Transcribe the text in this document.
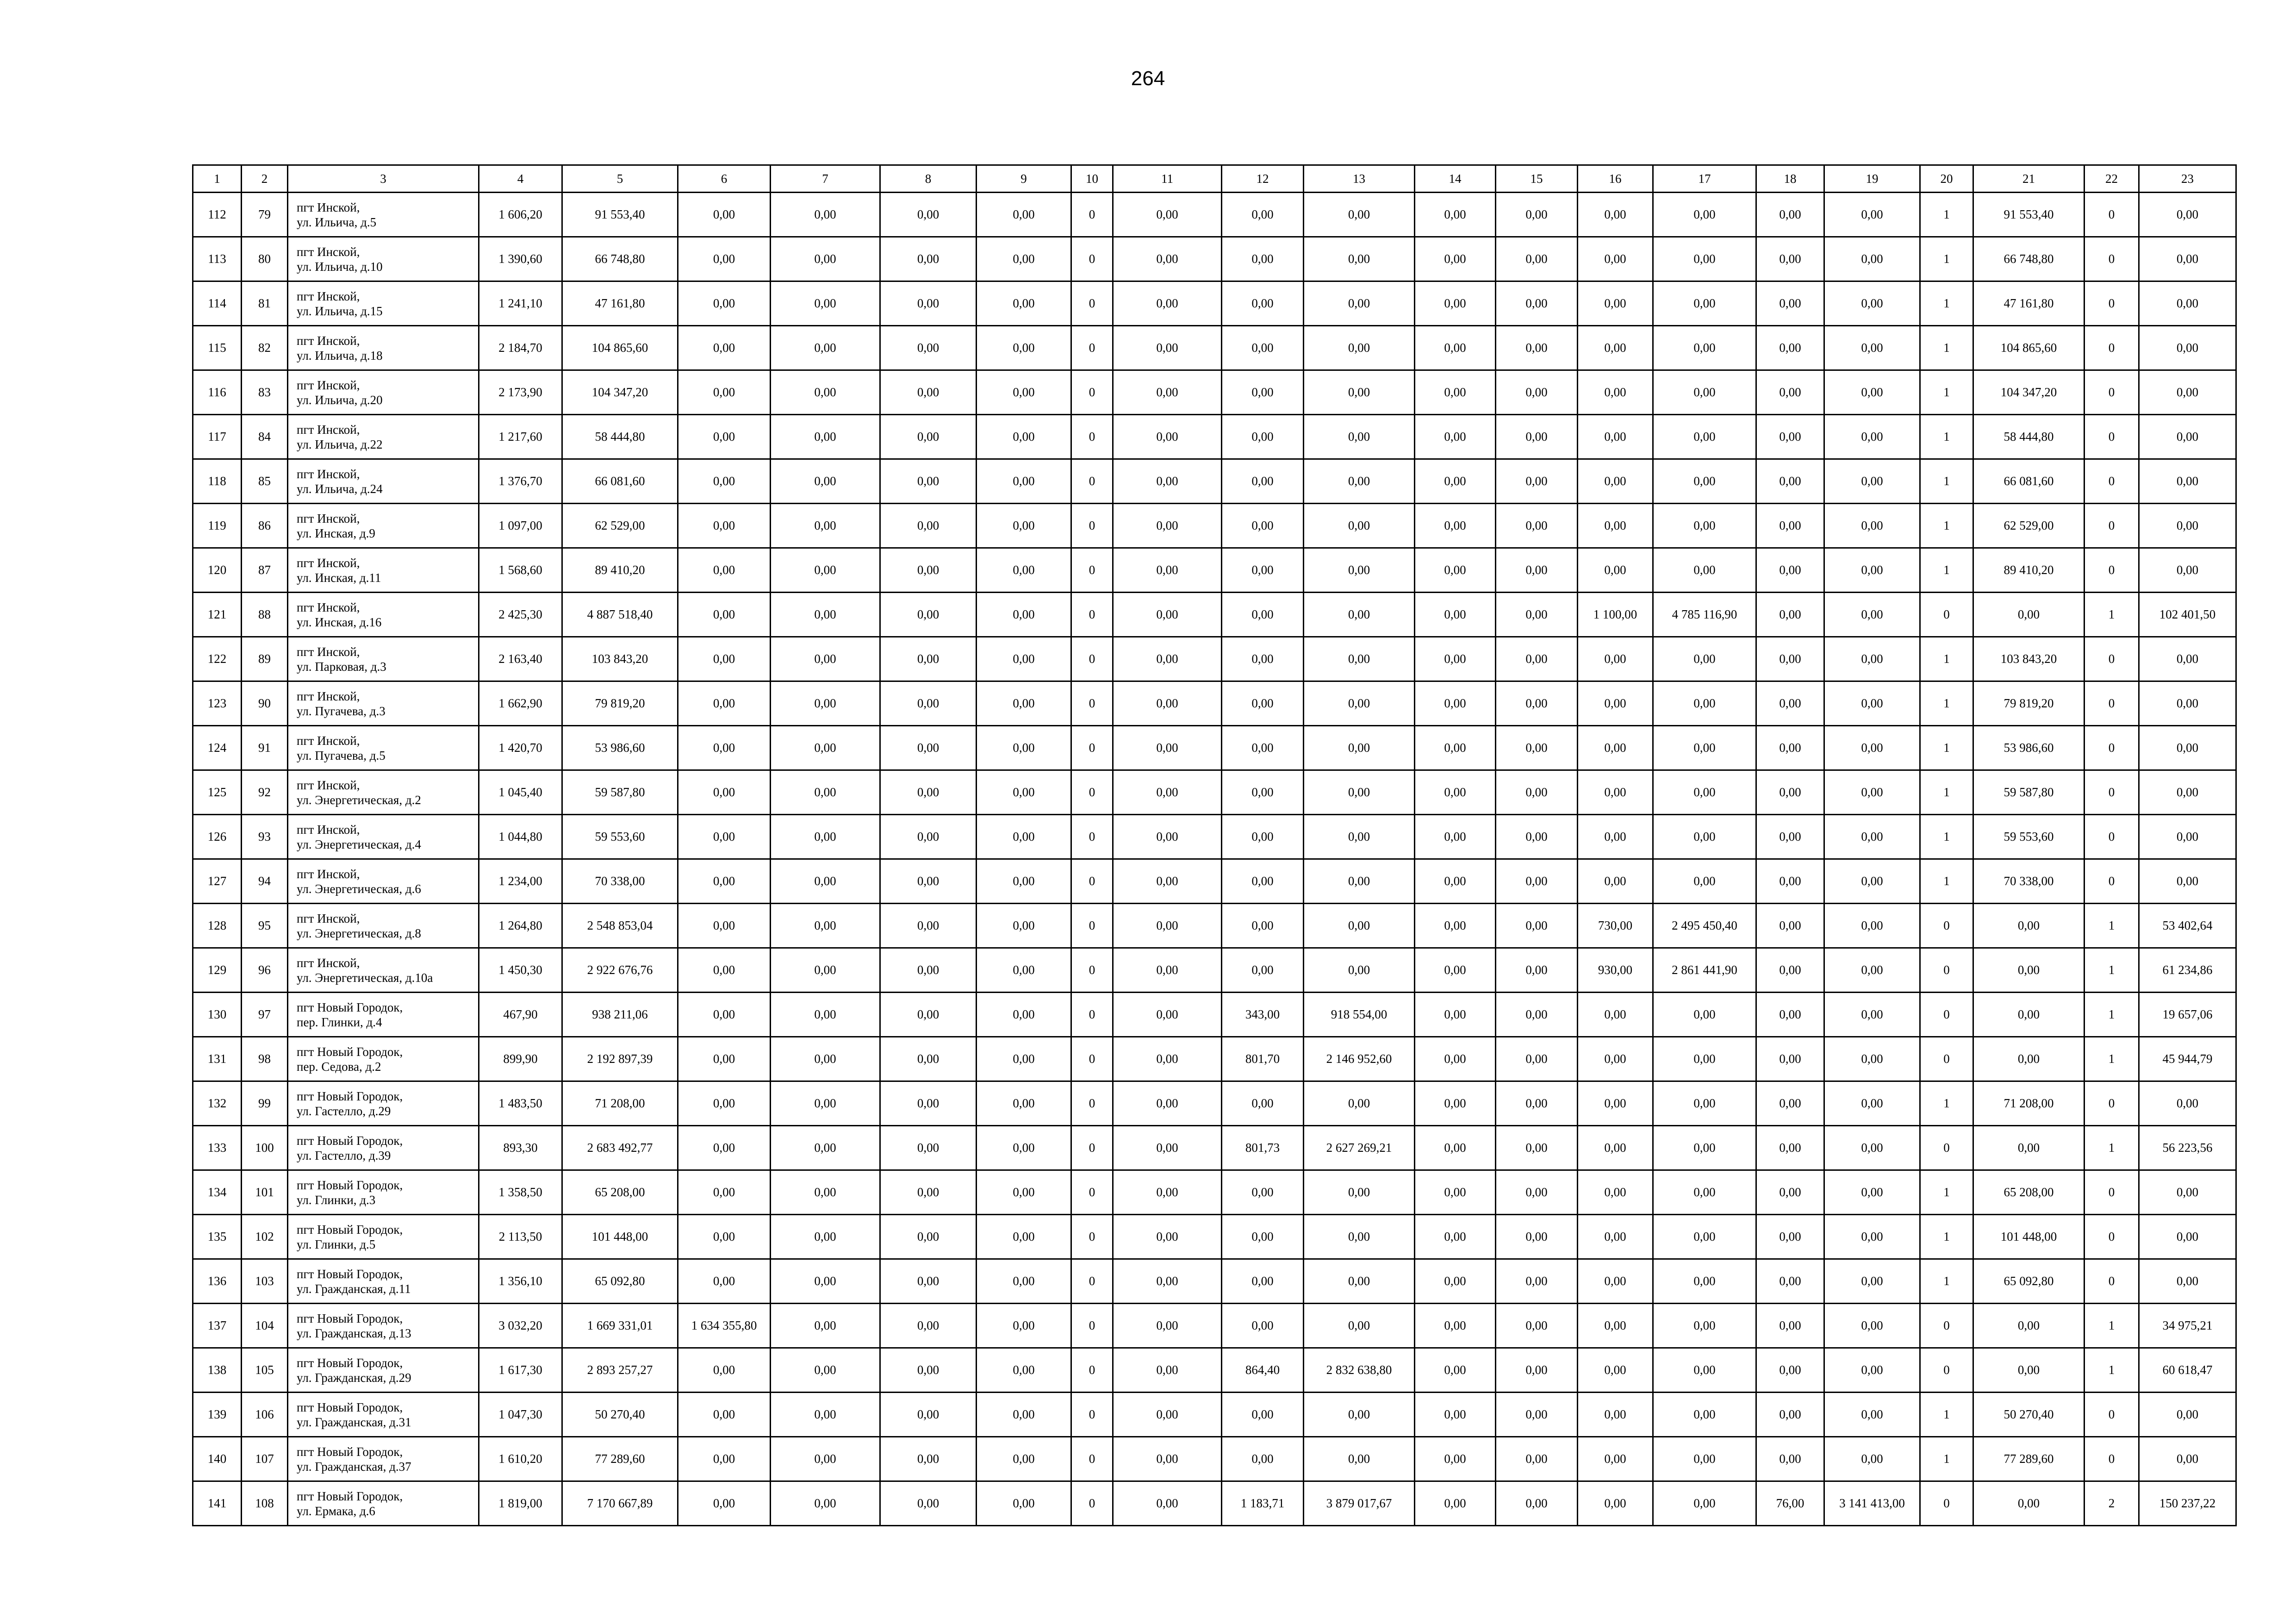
264
1	2	3	4	5	6	7	8	9	10	11	12	13	14	15	16	17	18	19	20	21	22	23
112	79	пгт Инской,
ул. Ильича, д.5	1 606,20	91 553,40	0,00	0,00	0,00	0,00	0	0,00	0,00	0,00	0,00	0,00	0,00	0,00	0,00	0,00	1	91 553,40	0	0,00
113	80	пгт Инской,
ул. Ильича, д.10	1 390,60	66 748,80	0,00	0,00	0,00	0,00	0	0,00	0,00	0,00	0,00	0,00	0,00	0,00	0,00	0,00	1	66 748,80	0	0,00
114	81	пгт Инской,
ул. Ильича, д.15	1 241,10	47 161,80	0,00	0,00	0,00	0,00	0	0,00	0,00	0,00	0,00	0,00	0,00	0,00	0,00	0,00	1	47 161,80	0	0,00
115	82	пгт Инской,
ул. Ильича, д.18	2 184,70	104 865,60	0,00	0,00	0,00	0,00	0	0,00	0,00	0,00	0,00	0,00	0,00	0,00	0,00	0,00	1	104 865,60	0	0,00
116	83	пгт Инской,
ул. Ильича, д.20	2 173,90	104 347,20	0,00	0,00	0,00	0,00	0	0,00	0,00	0,00	0,00	0,00	0,00	0,00	0,00	0,00	1	104 347,20	0	0,00
117	84	пгт Инской,
ул. Ильича, д.22	1 217,60	58 444,80	0,00	0,00	0,00	0,00	0	0,00	0,00	0,00	0,00	0,00	0,00	0,00	0,00	0,00	1	58 444,80	0	0,00
118	85	пгт Инской,
ул. Ильича, д.24	1 376,70	66 081,60	0,00	0,00	0,00	0,00	0	0,00	0,00	0,00	0,00	0,00	0,00	0,00	0,00	0,00	1	66 081,60	0	0,00
119	86	пгт Инской,
ул. Инская, д.9	1 097,00	62 529,00	0,00	0,00	0,00	0,00	0	0,00	0,00	0,00	0,00	0,00	0,00	0,00	0,00	0,00	1	62 529,00	0	0,00
120	87	пгт Инской,
ул. Инская, д.11	1 568,60	89 410,20	0,00	0,00	0,00	0,00	0	0,00	0,00	0,00	0,00	0,00	0,00	0,00	0,00	0,00	1	89 410,20	0	0,00
121	88	пгт Инской,
ул. Инская, д.16	2 425,30	4 887 518,40	0,00	0,00	0,00	0,00	0	0,00	0,00	0,00	0,00	0,00	1 100,00	4 785 116,90	0,00	0,00	0	0,00	1	102 401,50
122	89	пгт Инской,
ул. Парковая, д.3	2 163,40	103 843,20	0,00	0,00	0,00	0,00	0	0,00	0,00	0,00	0,00	0,00	0,00	0,00	0,00	0,00	1	103 843,20	0	0,00
123	90	пгт Инской,
ул. Пугачева, д.3	1 662,90	79 819,20	0,00	0,00	0,00	0,00	0	0,00	0,00	0,00	0,00	0,00	0,00	0,00	0,00	0,00	1	79 819,20	0	0,00
124	91	пгт Инской,
ул. Пугачева, д.5	1 420,70	53 986,60	0,00	0,00	0,00	0,00	0	0,00	0,00	0,00	0,00	0,00	0,00	0,00	0,00	0,00	1	53 986,60	0	0,00
125	92	пгт Инской,
ул. Энергетическая, д.2	1 045,40	59 587,80	0,00	0,00	0,00	0,00	0	0,00	0,00	0,00	0,00	0,00	0,00	0,00	0,00	0,00	1	59 587,80	0	0,00
126	93	пгт Инской,
ул. Энергетическая, д.4	1 044,80	59 553,60	0,00	0,00	0,00	0,00	0	0,00	0,00	0,00	0,00	0,00	0,00	0,00	0,00	0,00	1	59 553,60	0	0,00
127	94	пгт Инской,
ул. Энергетическая, д.6	1 234,00	70 338,00	0,00	0,00	0,00	0,00	0	0,00	0,00	0,00	0,00	0,00	0,00	0,00	0,00	0,00	1	70 338,00	0	0,00
128	95	пгт Инской,
ул. Энергетическая, д.8	1 264,80	2 548 853,04	0,00	0,00	0,00	0,00	0	0,00	0,00	0,00	0,00	0,00	730,00	2 495 450,40	0,00	0,00	0	0,00	1	53 402,64
129	96	пгт Инской,
ул. Энергетическая, д.10а	1 450,30	2 922 676,76	0,00	0,00	0,00	0,00	0	0,00	0,00	0,00	0,00	0,00	930,00	2 861 441,90	0,00	0,00	0	0,00	1	61 234,86
130	97	пгт Новый Городок,
пер. Глинки, д.4	467,90	938 211,06	0,00	0,00	0,00	0,00	0	0,00	343,00	918 554,00	0,00	0,00	0,00	0,00	0,00	0,00	0	0,00	1	19 657,06
131	98	пгт Новый Городок,
пер. Седова, д.2	899,90	2 192 897,39	0,00	0,00	0,00	0,00	0	0,00	801,70	2 146 952,60	0,00	0,00	0,00	0,00	0,00	0,00	0	0,00	1	45 944,79
132	99	пгт Новый Городок,
ул. Гастелло, д.29	1 483,50	71 208,00	0,00	0,00	0,00	0,00	0	0,00	0,00	0,00	0,00	0,00	0,00	0,00	0,00	0,00	1	71 208,00	0	0,00
133	100	пгт Новый Городок,
ул. Гастелло, д.39	893,30	2 683 492,77	0,00	0,00	0,00	0,00	0	0,00	801,73	2 627 269,21	0,00	0,00	0,00	0,00	0,00	0,00	0	0,00	1	56 223,56
134	101	пгт Новый Городок,
ул. Глинки, д.3	1 358,50	65 208,00	0,00	0,00	0,00	0,00	0	0,00	0,00	0,00	0,00	0,00	0,00	0,00	0,00	0,00	1	65 208,00	0	0,00
135	102	пгт Новый Городок,
ул. Глинки, д.5	2 113,50	101 448,00	0,00	0,00	0,00	0,00	0	0,00	0,00	0,00	0,00	0,00	0,00	0,00	0,00	0,00	1	101 448,00	0	0,00
136	103	пгт Новый Городок,
ул. Гражданская, д.11	1 356,10	65 092,80	0,00	0,00	0,00	0,00	0	0,00	0,00	0,00	0,00	0,00	0,00	0,00	0,00	0,00	1	65 092,80	0	0,00
137	104	пгт Новый Городок,
ул. Гражданская, д.13	3 032,20	1 669 331,01	1 634 355,80	0,00	0,00	0,00	0	0,00	0,00	0,00	0,00	0,00	0,00	0,00	0,00	0,00	0	0,00	1	34 975,21
138	105	пгт Новый Городок,
ул. Гражданская, д.29	1 617,30	2 893 257,27	0,00	0,00	0,00	0,00	0	0,00	864,40	2 832 638,80	0,00	0,00	0,00	0,00	0,00	0,00	0	0,00	1	60 618,47
139	106	пгт Новый Городок,
ул. Гражданская, д.31	1 047,30	50 270,40	0,00	0,00	0,00	0,00	0	0,00	0,00	0,00	0,00	0,00	0,00	0,00	0,00	0,00	1	50 270,40	0	0,00
140	107	пгт Новый Городок,
ул. Гражданская, д.37	1 610,20	77 289,60	0,00	0,00	0,00	0,00	0	0,00	0,00	0,00	0,00	0,00	0,00	0,00	0,00	0,00	1	77 289,60	0	0,00
141	108	пгт Новый Городок,
ул. Ермака, д.6	1 819,00	7 170 667,89	0,00	0,00	0,00	0,00	0	0,00	1 183,71	3 879 017,67	0,00	0,00	0,00	0,00	76,00	3 141 413,00	0	0,00	2	150 237,22
